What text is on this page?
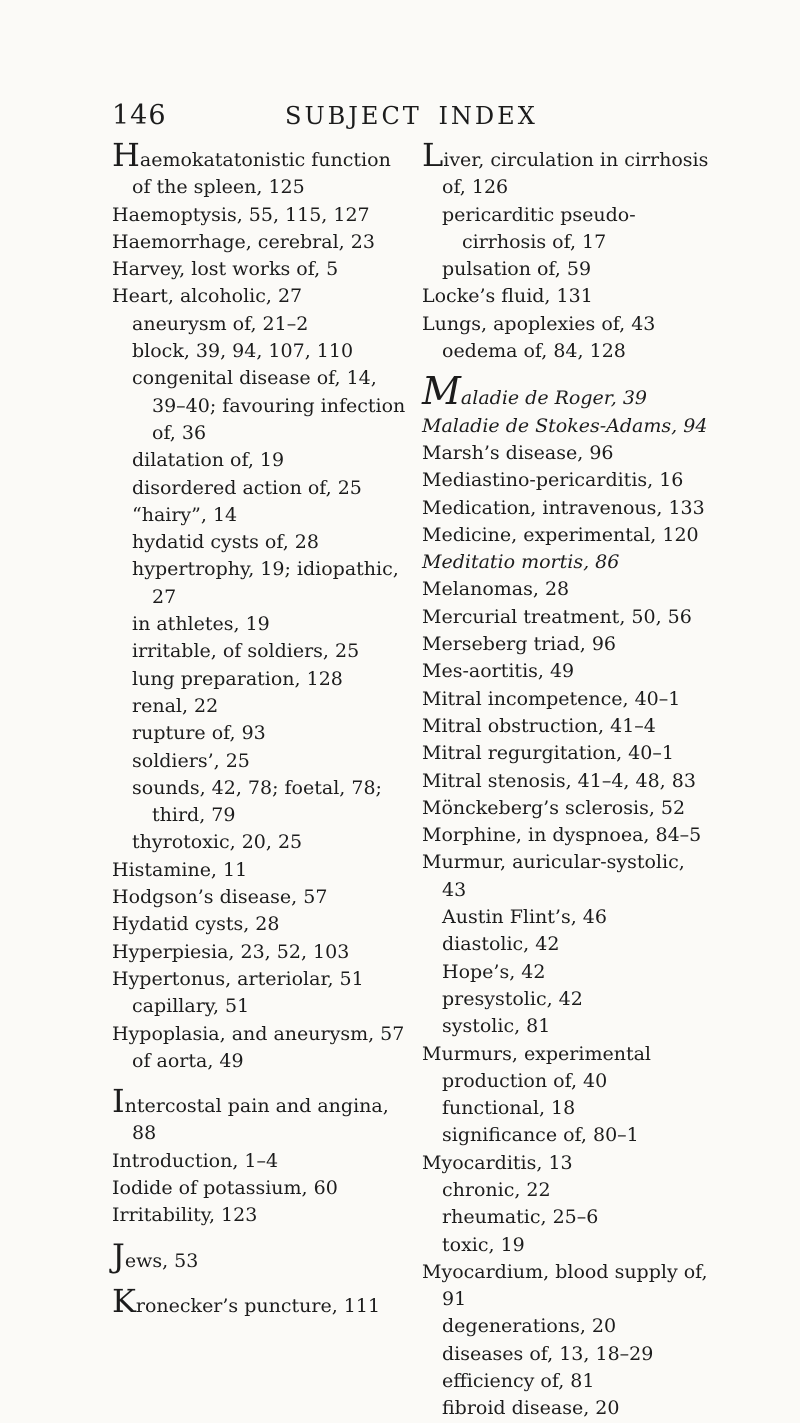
146	SUBJECT INDEX

Haemokatatonistic function of the spleen, 125

Haemoptysis, 55, 115, 127

Haemorrhage, cerebral, 23

Harvey, lost works of, 5

Heart, alcoholic, 27

aneurysm of, 21–2

block, 39, 94, 107, 110

congenital disease of, 14, 39–40; favouring infection of, 36

dilatation of, 19

disordered action of, 25

“hairy”, 14

hydatid cysts of, 28

hypertrophy, 19; idiopathic, 27

in athletes, 19

irritable, of soldiers, 25

lung preparation, 128

renal, 22

rupture of, 93

soldiers’, 25

sounds, 42, 78; foetal, 78; third, 79

thyrotoxic, 20, 25

Histamine, 11

Hodgson’s disease, 57

Hydatid cysts, 28

Hyperpiesia, 23, 52, 103

Hypertonus, arteriolar, 51

capillary, 51

Hypoplasia, and aneurysm, 57

of aorta, 49

Intercostal pain and angina, 88

Introduction, 1–4

Iodide of potassium, 60

Irritability, 123

Jews, 53

Kronecker’s puncture, 111

Liver, circulation in cirrhosis of, 126

pericarditic pseudo-cirrhosis of, 17

pulsation of, 59

Locke’s fluid, 131

Lungs, apoplexies of, 43

oedema of, 84, 128

Maladie de Roger, 39

Maladie de Stokes-Adams, 94

Marsh’s disease, 96

Mediastino-pericarditis, 16

Medication, intravenous, 133

Medicine, experimental, 120

Meditatio mortis, 86

Melanomas, 28

Mercurial treatment, 50, 56

Merseberg triad, 96

Mes-aortitis, 49

Mitral incompetence, 40–1

Mitral obstruction, 41–4

Mitral regurgitation, 40–1

Mitral stenosis, 41–4, 48, 83

Mönckeberg’s sclerosis, 52

Morphine, in dyspnoea, 84–5

Murmur, auricular-systolic, 43

Austin Flint’s, 46

diastolic, 42

Hope’s, 42

presystolic, 42

systolic, 81

Murmurs, experimental production of, 40

functional, 18

significance of, 80–1

Myocarditis, 13

chronic, 22

rheumatic, 25–6

toxic, 19

Myocardium, blood supply of, 91

degenerations, 20

diseases of, 13, 18–29

efficiency of, 81

fibroid disease, 20
